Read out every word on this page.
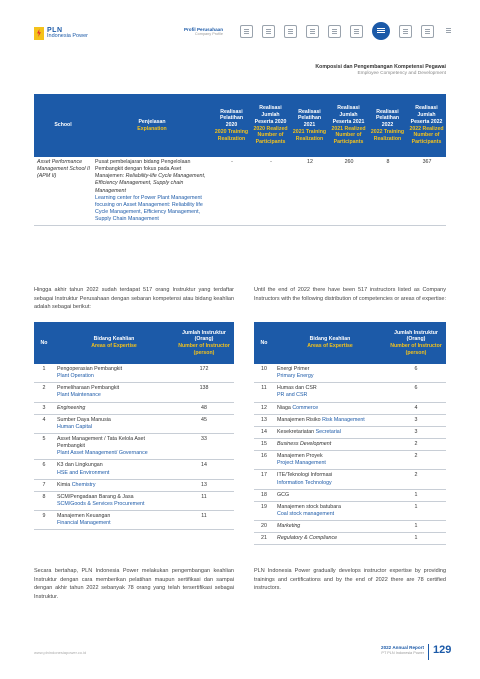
PLN
Indonesia Power
Profil Perusahaan
Company Profile
Komposisi dan Pengembangan Kompetensi Pegawai
Employee Competency and Development
School	Penjelasan
Explanation	Realisasi Pelatihan 2020
2020 Training Realization	Realisasi Jumlah Peserta 2020
2020 Realized Number of Participants	Realisasi Pelatihan 2021
2021 Training Realization	Realisasi Jumlah Peserta 2021
2021 Realized Number of Participants	Realisasi Pelatihan 2022
2022 Training Realization	Realisasi Jumlah Peserta 2022
2022 Realized Number of Participants
Asset Performance Management School II (APM II)	Pusat pembelajaran bidang Pengelolaan Pembangkit dengan fokus pada Aset Manajemen: Reliability-life Cycle Management, Efficiency Management, Supply chain Management
Learning center for Power Plant Management focusing on Asset Management: Reliability life Cycle Management, Efficiency Management, Supply Chain Management	-	-	12	260	8	367

Hingga akhir tahun 2022 sudah terdapat 517 orang Instruktur yang terdaftar sebagai Instruktur Perusahaan dengan sebaran kompetensi atau bidang keahlian adalah sebagai berikut:

Until the end of 2022 there have been 517 instructors listed as Company Instructors with the following distribution of competencies or areas of expertise:

No	Bidang Keahlian
Areas of Expertise	Jumlah Instruktur (Orang)
Number of Instructor (person)
1	Pengoperasian Pembangkit
Plant Operation	172
2	Pemeliharaan Pembangkit
Plant Maintenance	138
3	Engineering	48
4	Sumber Daya Manusia
Human Capital	45
5	Asset Management / Tata Kelola Aset Pembangkit
Plant Asset Management/ Governance	33
6	K3 dan Lingkungan
HSE and Environment	14
7	Kimia Chemistry	13
8	SCM/Pengadaan Barang & Jasa
SCM/Goods & Services Procurement	11
9	Manajemen Keuangan
Financial Management	11
No	Bidang Keahlian
Areas of Expertise	Jumlah Instruktur (Orang)
Number of Instructor (person)
10	Energi Primer
Primary Energy	6
11	Humas dan CSR
PR and CSR	6
12	Niaga Commerce	4
13	Manajemen Risiko Risk Management	3
14	Kesekretariatan Secretarial	3
15	Business Development	2
16	Manajemen Proyek
Project Management	2
17	ITE/Teknologi Informasi
Information Technology	2
18	GCG	1
19	Manajemen stock batubara
Coal stock management	1
20	Marketing	1
21	Regulatory & Compliance	1

Secara bertahap, PLN Indonesia Power melakukan pengembangan keahlian Instruktur dengan cara memberikan pelatihan maupun sertifikasi dan sampai dengan akhir tahun 2022 sebanyak 78 orang yang telah tersertifikasi sebagai Instruktur.

PLN Indonesia Power gradually develops instructor expertise by providing trainings and certifications and by the end of 2022 there are 78 certified instructors.

www.plnindonesiapower.co.id
2022 Annual Report
PT PLN Indonesia Power 129
